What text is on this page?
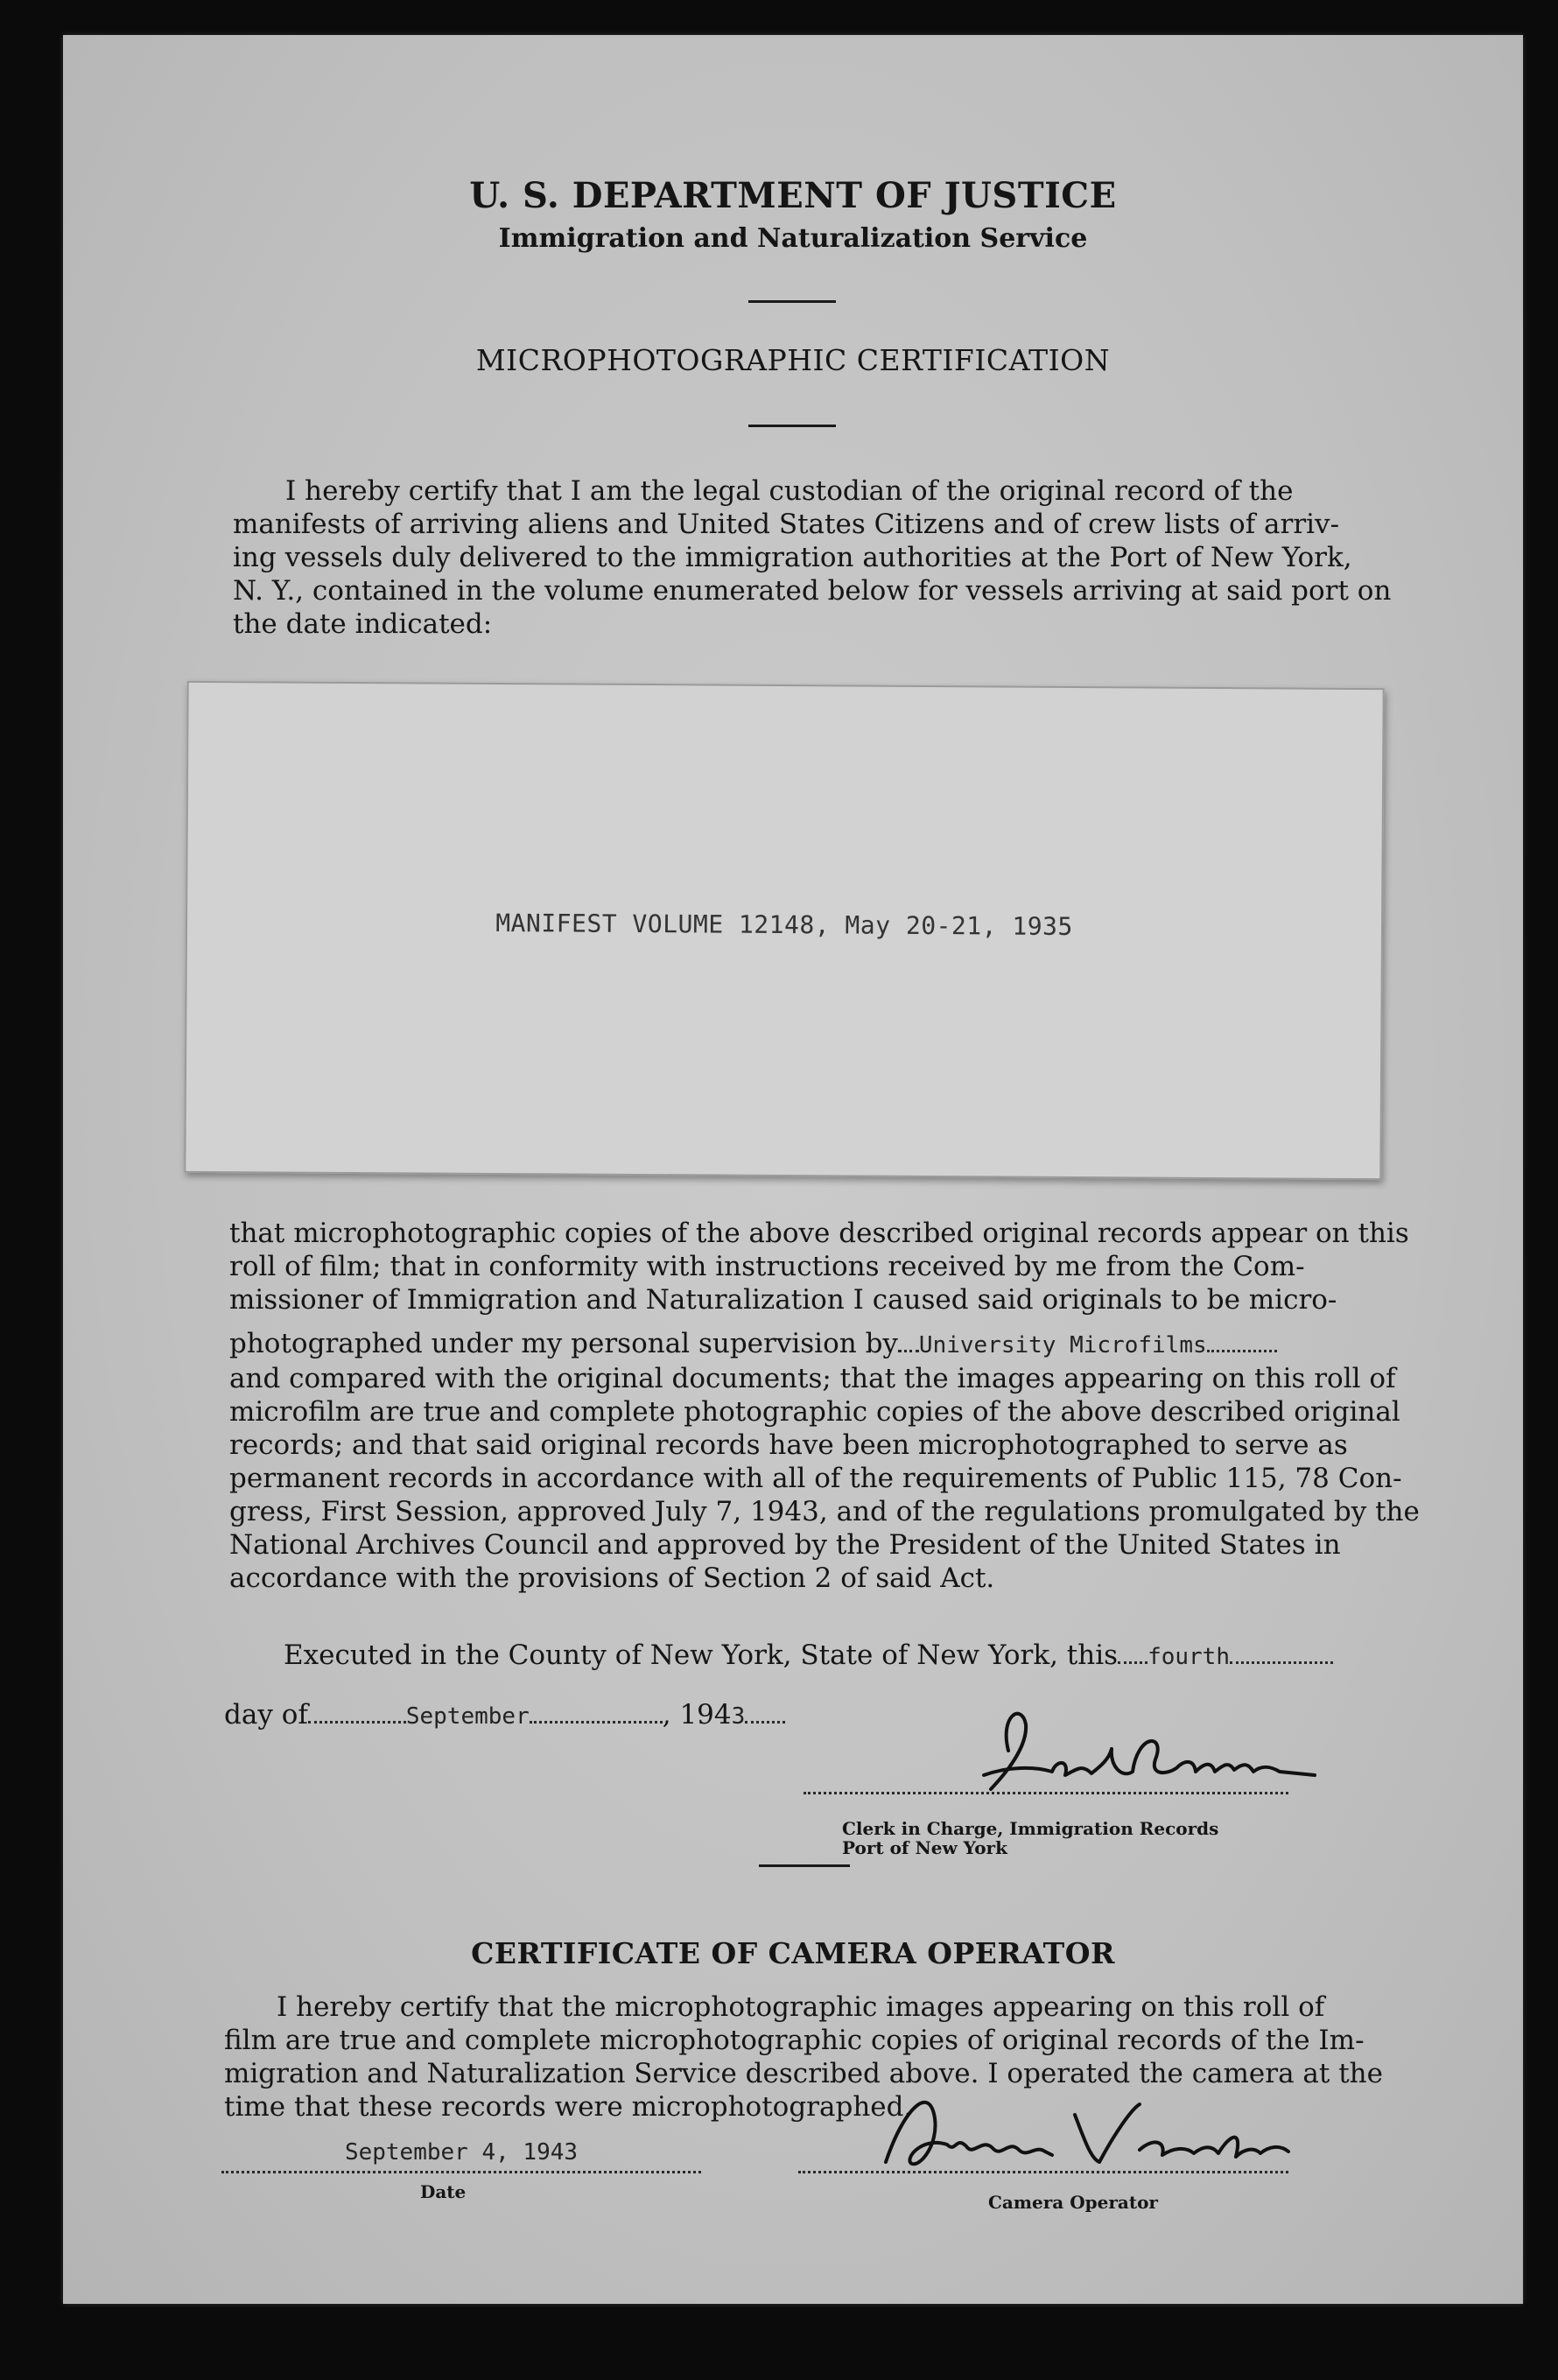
U. S. DEPARTMENT OF JUSTICE
Immigration and Naturalization Service
MICROPHOTOGRAPHIC CERTIFICATION
I hereby certify that I am the legal custodian of the original record of the
manifests of arriving aliens and United States Citizens and of crew lists of arriv-
ing vessels duly delivered to the immigration authorities at the Port of New York,
N. Y., contained in the volume enumerated below for vessels arriving at said port on
the date indicated:
MANIFEST VOLUME 12148, May 20-21, 1935
that microphotographic copies of the above described original records appear on this
roll of film; that in conformity with instructions received by me from the Com-
missioner of Immigration and Naturalization I caused said originals to be micro-
photographed under my personal supervision by University Microfilms
and compared with the original documents; that the images appearing on this roll of
microfilm are true and complete photographic copies of the above described original
records; and that said original records have been microphotographed to serve as
permanent records in accordance with all of the requirements of Public 115, 78 Con-
gress, First Session, approved July 7, 1943, and of the regulations promulgated by the
National Archives Council and approved by the President of the United States in
accordance with the provisions of Section 2 of said Act.
Executed in the County of New York, State of New York, this fourth
day of	September	, 1943
Clerk in Charge, Immigration Records
Port of New York
CERTIFICATE OF CAMERA OPERATOR
I hereby certify that the microphotographic images appearing on this roll of
film are true and complete microphotographic copies of original records of the Im-
migration and Naturalization Service described above. I operated the camera at the
time that these records were microphotographed.
September 4, 1943
Date	Camera Operator
